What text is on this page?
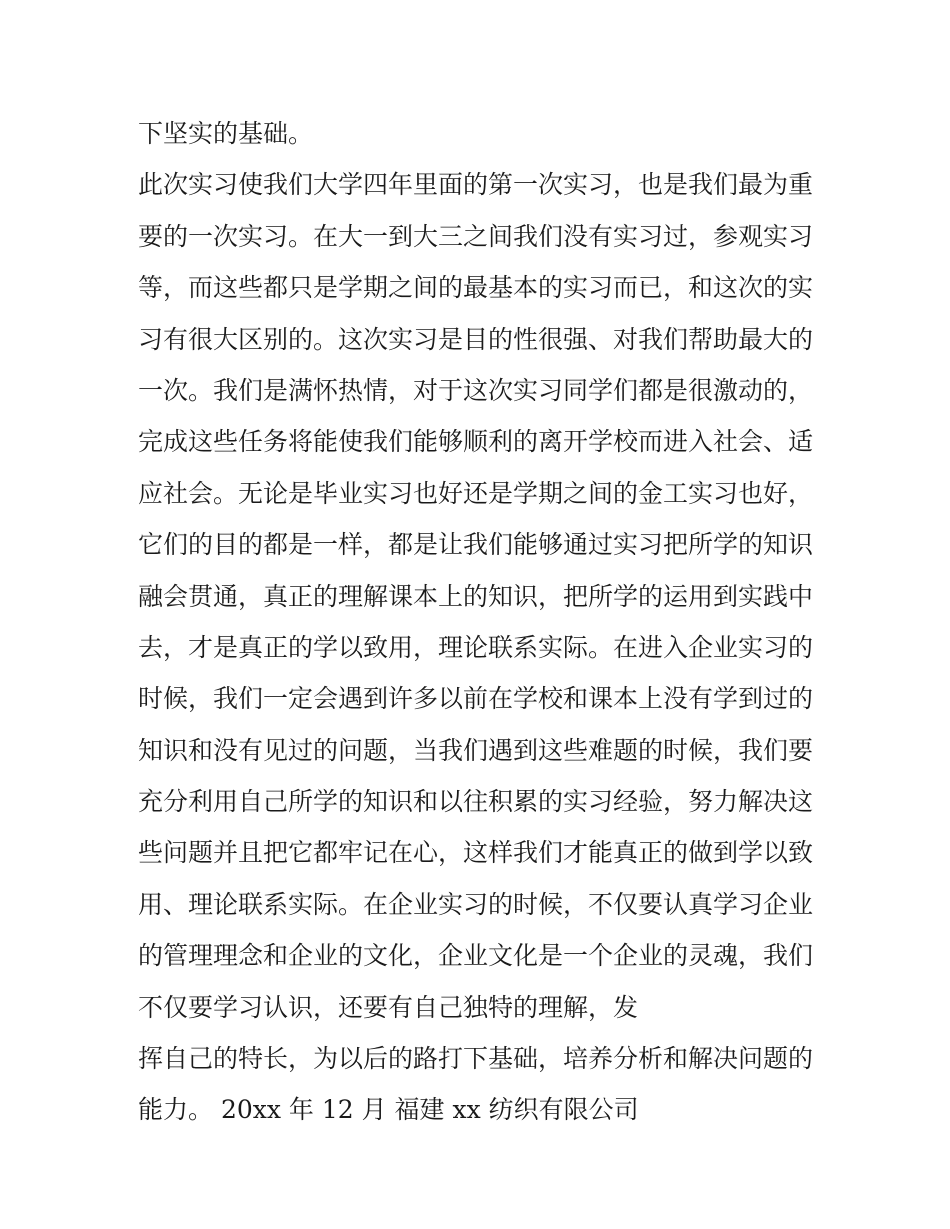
下坚实的基础。
此次实习使我们大学四年里面的第一次实习，也是我们最为重
要的一次实习。在大一到大三之间我们没有实习过，参观实习
等，而这些都只是学期之间的最基本的实习而已，和这次的实
习有很大区别的。这次实习是目的性很强、对我们帮助最大的
一次。我们是满怀热情，对于这次实习同学们都是很激动的，
完成这些任务将能使我们能够顺利的离开学校而进入社会、适
应社会。无论是毕业实习也好还是学期之间的金工实习也好，
它们的目的都是一样，都是让我们能够通过实习把所学的知识
融会贯通，真正的理解课本上的知识，把所学的运用到实践中
去，才是真正的学以致用，理论联系实际。在进入企业实习的
时候，我们一定会遇到许多以前在学校和课本上没有学到过的
知识和没有见过的问题，当我们遇到这些难题的时候，我们要
充分利用自己所学的知识和以往积累的实习经验，努力解决这
些问题并且把它都牢记在心，这样我们才能真正的做到学以致
用、理论联系实际。在企业实习的时候，不仅要认真学习企业
的管理理念和企业的文化，企业文化是一个企业的灵魂，我们
不仅要学习认识，还要有自己独特的理解，发
挥自己的特长，为以后的路打下基础，培养分析和解决问题的
能力。 20xx 年 12 月 福建 xx 纺织有限公司
